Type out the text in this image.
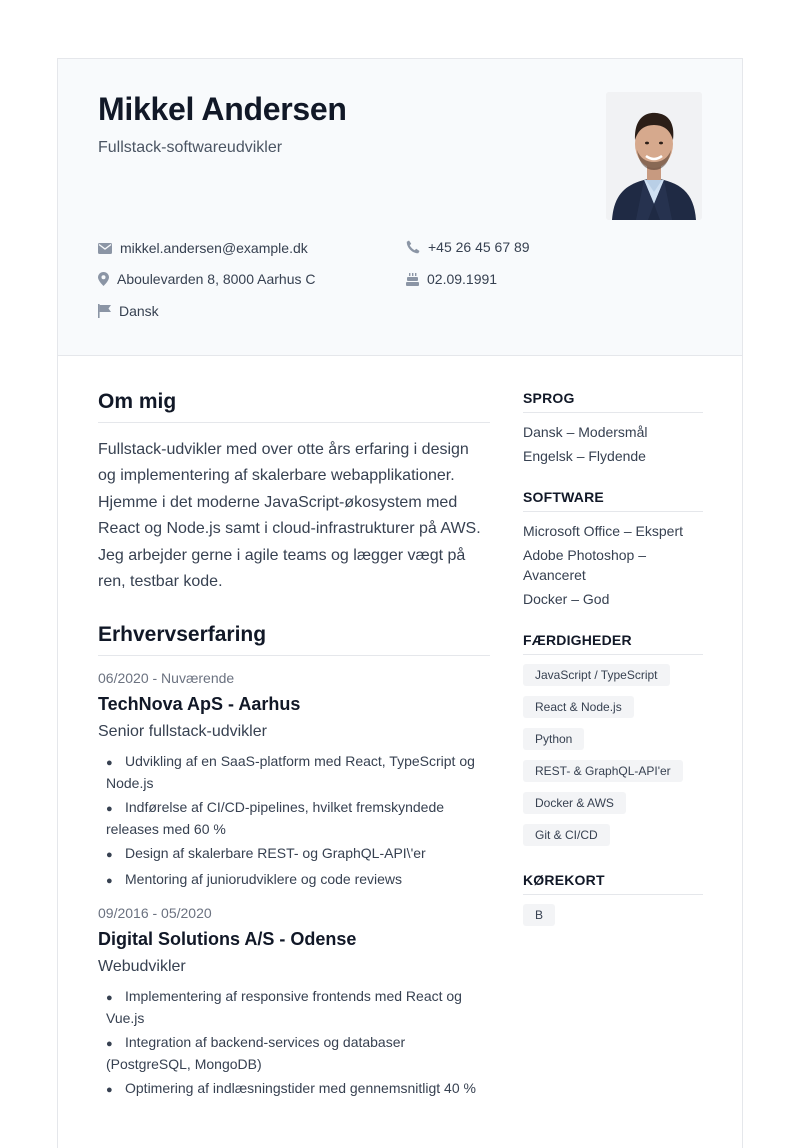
Mikkel Andersen
Fullstack-softwareudvikler
mikkel.andersen@example.dk	+45 26 45 67 89
Aboulevarden 8, 8000 Aarhus C	02.09.1991
Dansk
Om mig
Fullstack-udvikler med over otte års erfaring i design og implementering af skalerbare webapplikationer. Hjemme i det moderne JavaScript-økosystem med React og Node.js samt i cloud-infrastrukturer på AWS. Jeg arbejder gerne i agile teams og lægger vægt på ren, testbar kode.
Erhvervserfaring
06/2020 - Nuværende
TechNova ApS - Aarhus
Senior fullstack-udvikler
● Udvikling af en SaaS-platform med React, TypeScript og Node.js
● Indførelse af CI/CD-pipelines, hvilket fremskyndede releases med 60 %
● Design af skalerbare REST- og GraphQL-API\'er
● Mentoring af juniorudviklere og code reviews
09/2016 - 05/2020
Digital Solutions A/S - Odense
Webudvikler
● Implementering af responsive frontends med React og Vue.js
● Integration af backend-services og databaser (PostgreSQL, MongoDB)
● Optimering af indlæsningstider med gennemsnitligt 40 %
SPROG
Dansk – Modersmål
Engelsk – Flydende
SOFTWARE
Microsoft Office – Ekspert
Adobe Photoshop – Avanceret
Docker – God
FÆRDIGHEDER
JavaScript / TypeScript
React & Node.js
Python
REST- & GraphQL-API'er
Docker & AWS
Git & CI/CD
KØREKORT
B
